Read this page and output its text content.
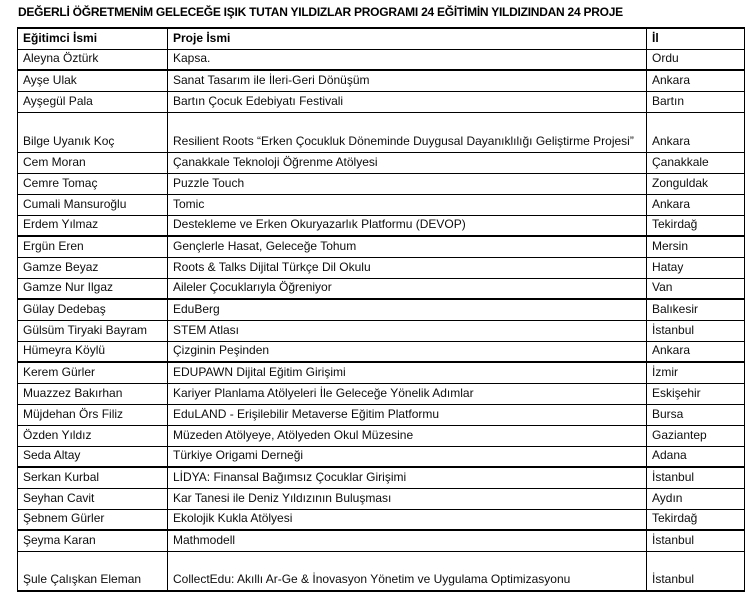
DEĞERLİ ÖĞRETMENİM GELECEĞE IŞIK TUTAN YILDIZLAR PROGRAMI 24 EĞİTİMİN YILDIZINDAN 24 PROJE
Eğitimci İsmi	Proje İsmi	İl
Aleyna Öztürk	Kapsa.	Ordu
Ayşe Ulak	Sanat Tasarım ile İleri-Geri Dönüşüm	Ankara
Ayşegül Pala	Bartın Çocuk Edebiyatı Festivali	Bartın
Bilge Uyanık Koç	Resilient Roots “Erken Çocukluk Döneminde Duygusal Dayanıklılığı Geliştirme Projesi”	Ankara
Cem Moran	Çanakkale Teknoloji Öğrenme Atölyesi	Çanakkale
Cemre Tomaç	Puzzle Touch	Zonguldak
Cumali Mansuroğlu	Tomic	Ankara
Erdem Yılmaz	Destekleme ve Erken Okuryazarlık Platformu (DEVOP)	Tekirdağ
Ergün Eren	Gençlerle Hasat, Geleceğe Tohum	Mersin
Gamze Beyaz	Roots & Talks Dijital Türkçe Dil Okulu	Hatay
Gamze Nur Ilgaz	Aileler Çocuklarıyla Öğreniyor	Van
Gülay Dedebaş	EduBerg	Balıkesir
Gülsüm Tiryaki Bayram	STEM Atlası	İstanbul
Hümeyra Köylü	Çizginin Peşinden	Ankara
Kerem Gürler	EDUPAWN Dijital Eğitim Girişimi	İzmir
Muazzez Bakırhan	Kariyer Planlama Atölyeleri İle Geleceğe Yönelik Adımlar	Eskişehir
Müjdehan Örs Filiz	EduLAND - Erişilebilir Metaverse Eğitim Platformu	Bursa
Özden Yıldız	Müzeden Atölyeye, Atölyeden Okul Müzesine	Gaziantep
Seda Altay	Türkiye Origami Derneği	Adana
Serkan Kurbal	LİDYA: Finansal Bağımsız Çocuklar Girişimi	İstanbul
Seyhan Cavit	Kar Tanesi ile Deniz Yıldızının Buluşması	Aydın
Şebnem Gürler	Ekolojik Kukla Atölyesi	Tekirdağ
Şeyma Karan	Mathmodell	İstanbul
Şule Çalışkan Eleman	CollectEdu: Akıllı Ar-Ge & İnovasyon Yönetim ve Uygulama Optimizasyonu	İstanbul
